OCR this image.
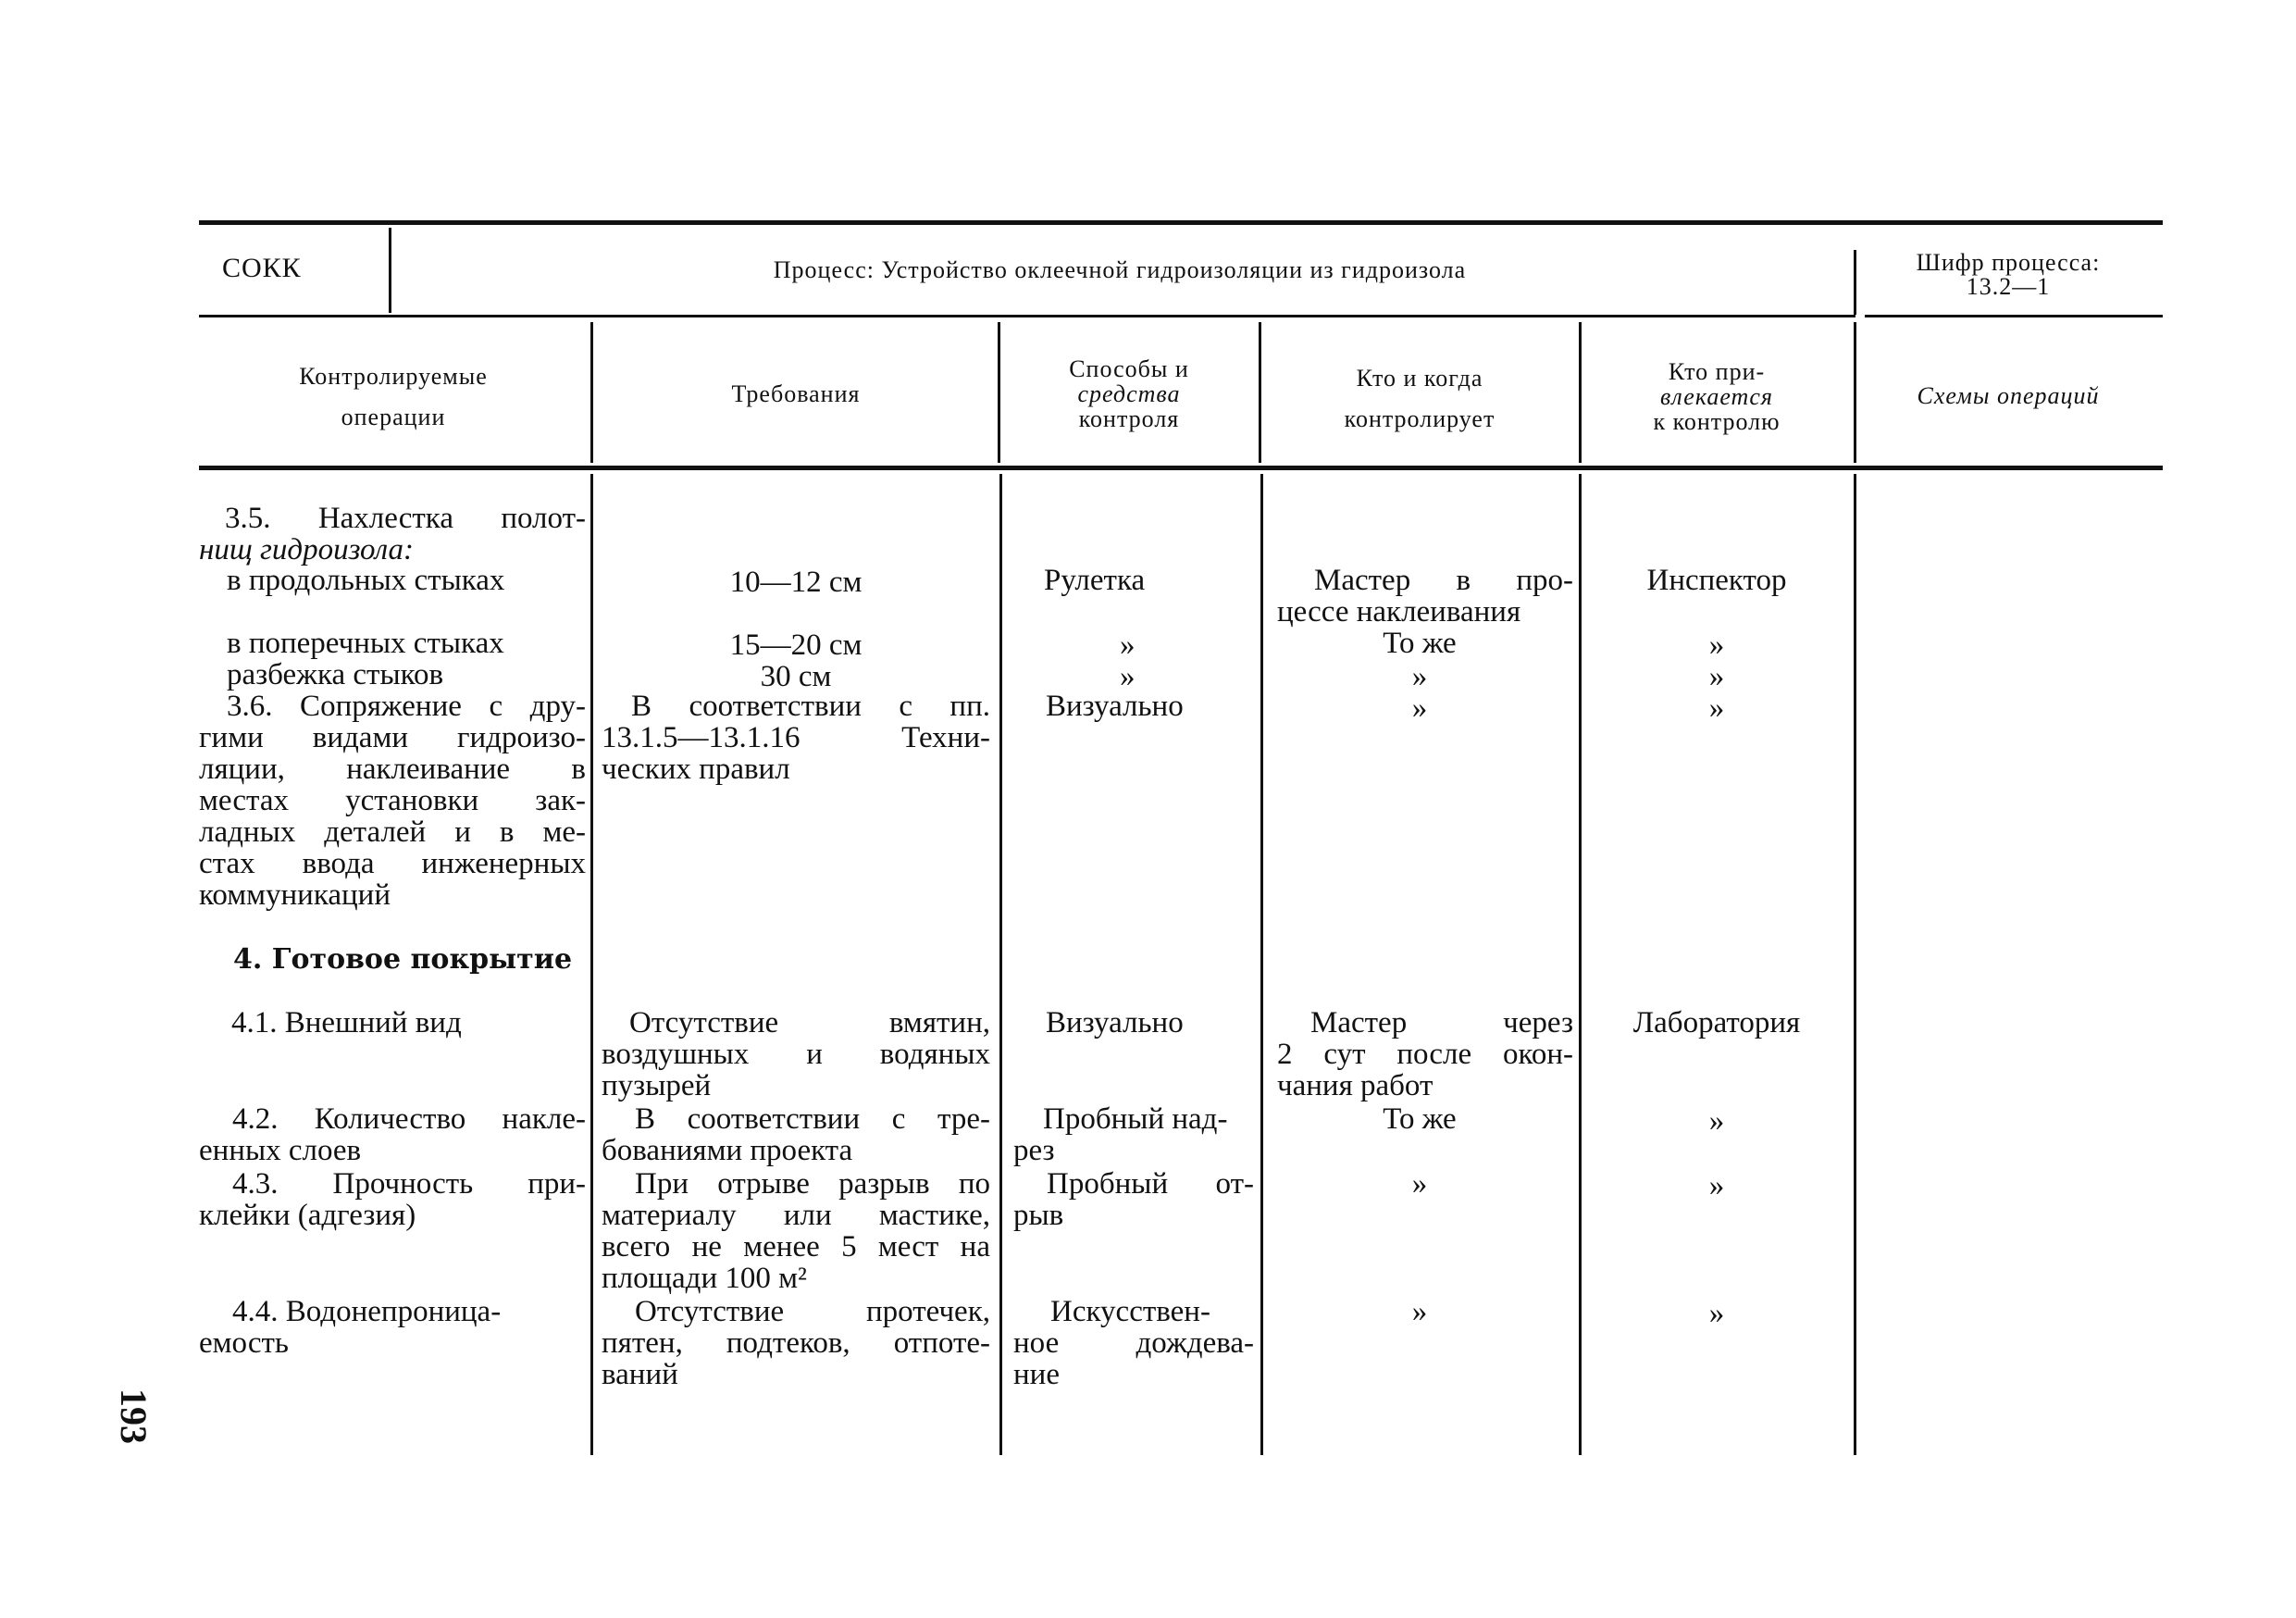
СОКК	Процесс: Устройство оклеечной гидроизоляции из гидроизола	Шифр процесса:
13.2—1
Контролируемые
операции
Требования
Способы и
средства
контроля
Кто и когда
контролирует
Кто при-
влекается
к контролю
Схемы операций
3.5. Нахлестка полот-
нищ гидроизола:
в продольных стыках
в поперечных стыках
разбежка стыков
3.6. Сопряжение с дру-
гими видами гидроизо-
ляции, наклеивание в
местах установки зак-
ладных деталей и в ме-
стах ввода инженерных
коммуникаций
4. Готовое покрытие
4.1. Внешний вид
4.2. Количество накле-
енных слоев
4.3. Прочность при-
клейки (адгезия)
4.4. Водонепроница-
емость
10—12 см
15—20 см
30 см
В соответствии с пп.
13.1.5—13.1.16 Техни-
ческих правил
Отсутствие вмятин,
воздушных и водяных
пузырей
В соответствии с тре-
бованиями проекта
При отрыве разрыв по
материалу или мастике,
всего не менее 5 мест на
площади 100 м²
Отсутствие протечек,
пятен, подтеков, отпоте-
ваний
Рулетка
»
»
Визуально
Визуально
Пробный над-
рез
Пробный от-
рыв
Искусствен-
ное дождева-
ние
Мастер в про-
цессе наклеивания
То же
»
»
Мастер через
2 сут после окон-
чания работ
То же
»
»
Инспектор
»
»
»
Лаборатория
»
»
»
193
